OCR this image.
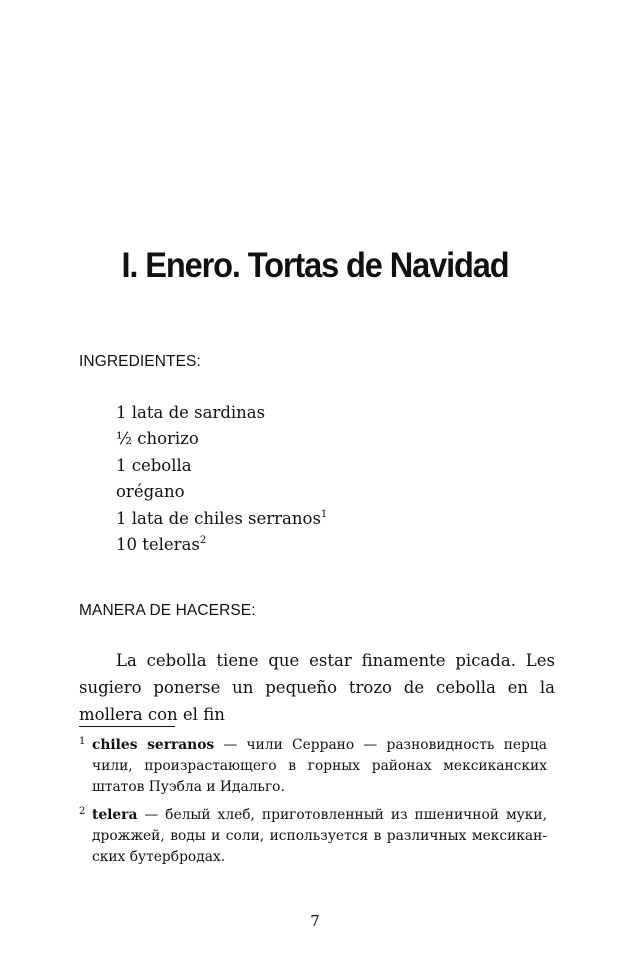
I. Enero. Tortas de Navidad
INGREDIENTES:
1 lata de sardinas
½ chorizo
1 cebolla
orégano
1 lata de chiles serranos$^1$
10 teleras$^2$
MANERA DE HACERSE:

La cebolla tiene que estar finamente picada. Les sugiero ponerse un pequeño trozo de cebolla en la mollera con el fin

1 chiles serranos — чили Серрано — разновидность перца чили, произрастающего в горных районах мексиканских штатов Пуэбла и Идальго.
2 telera — белый хлеб, приготовленный из пшеничной муки, дрожжей, воды и соли, используется в различных мексиканских бутербродах.
7
